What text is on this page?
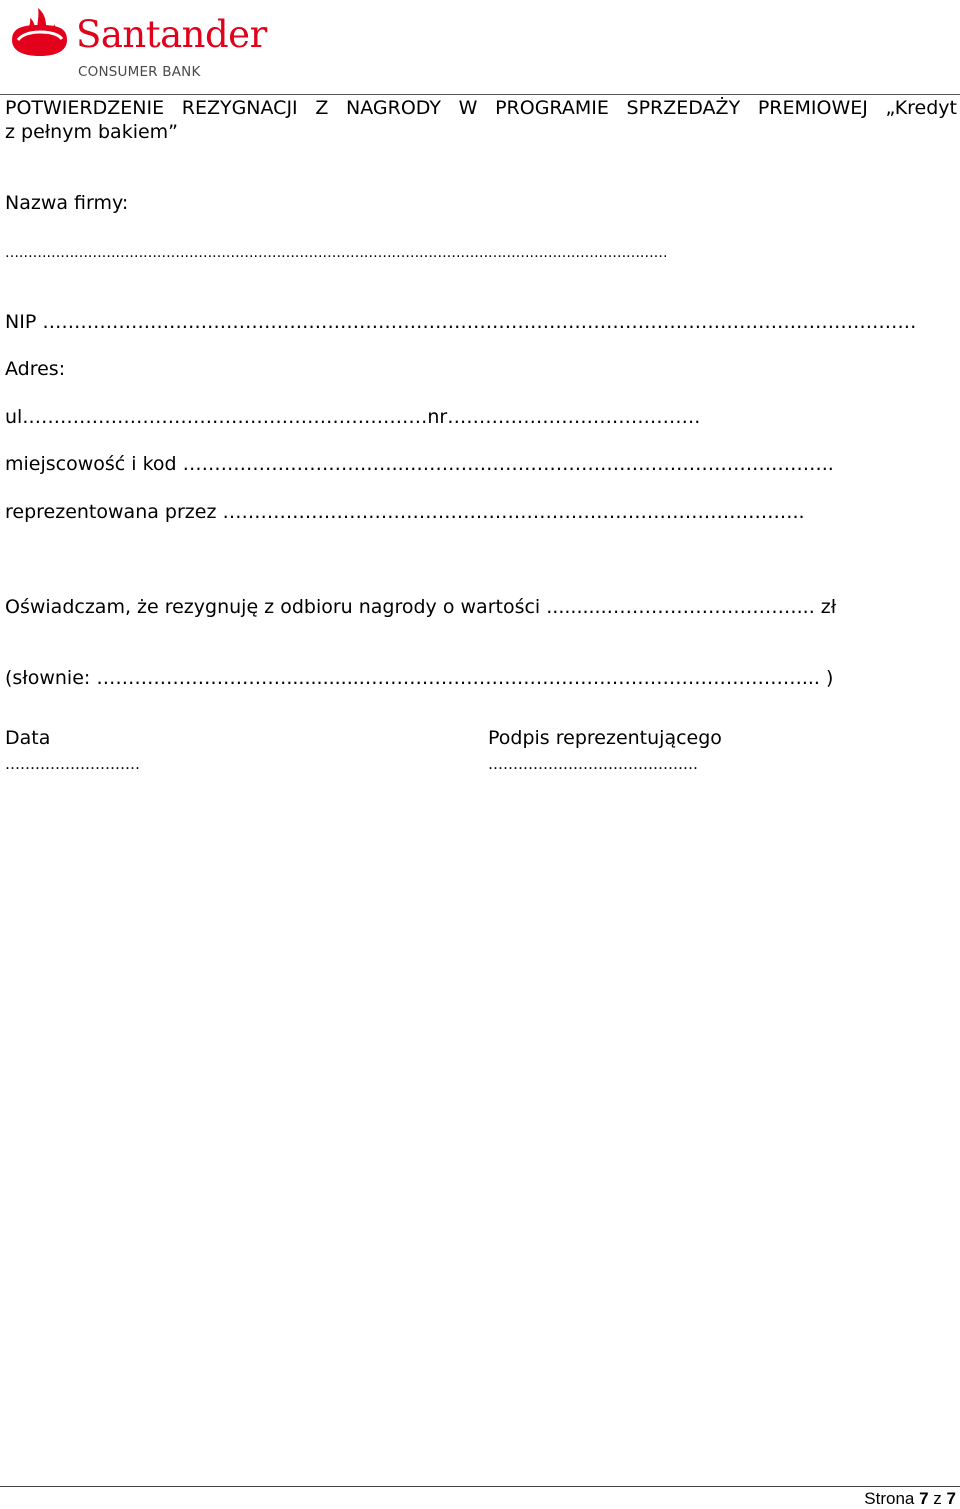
Santander
CONSUMER BANK
POTWIERDZENIE REZYGNACJI Z NAGRODY W PROGRAMIE SPRZEDAŻY PREMIOWEJ „Kredyt
z pełnym bakiem”
Nazwa firmy:
………………………………………………………………………………………………………………………………
NIP …………………………………………………………………………………………………………………………
Adres:
ul.………………………………………………………nr………………………………….
miejscowość i kod ……………………………..…………………………………………………………..
reprezentowana przez ………………………………………………………………………………..
Oświadczam, że rezygnuję z odbioru nagrody o wartości ..........…………………………... zł
(słownie: ………………………….............……………………………………………………………... )
Data
………………………
Podpis reprezentującego
……………………………………
Strona 7 z 7
